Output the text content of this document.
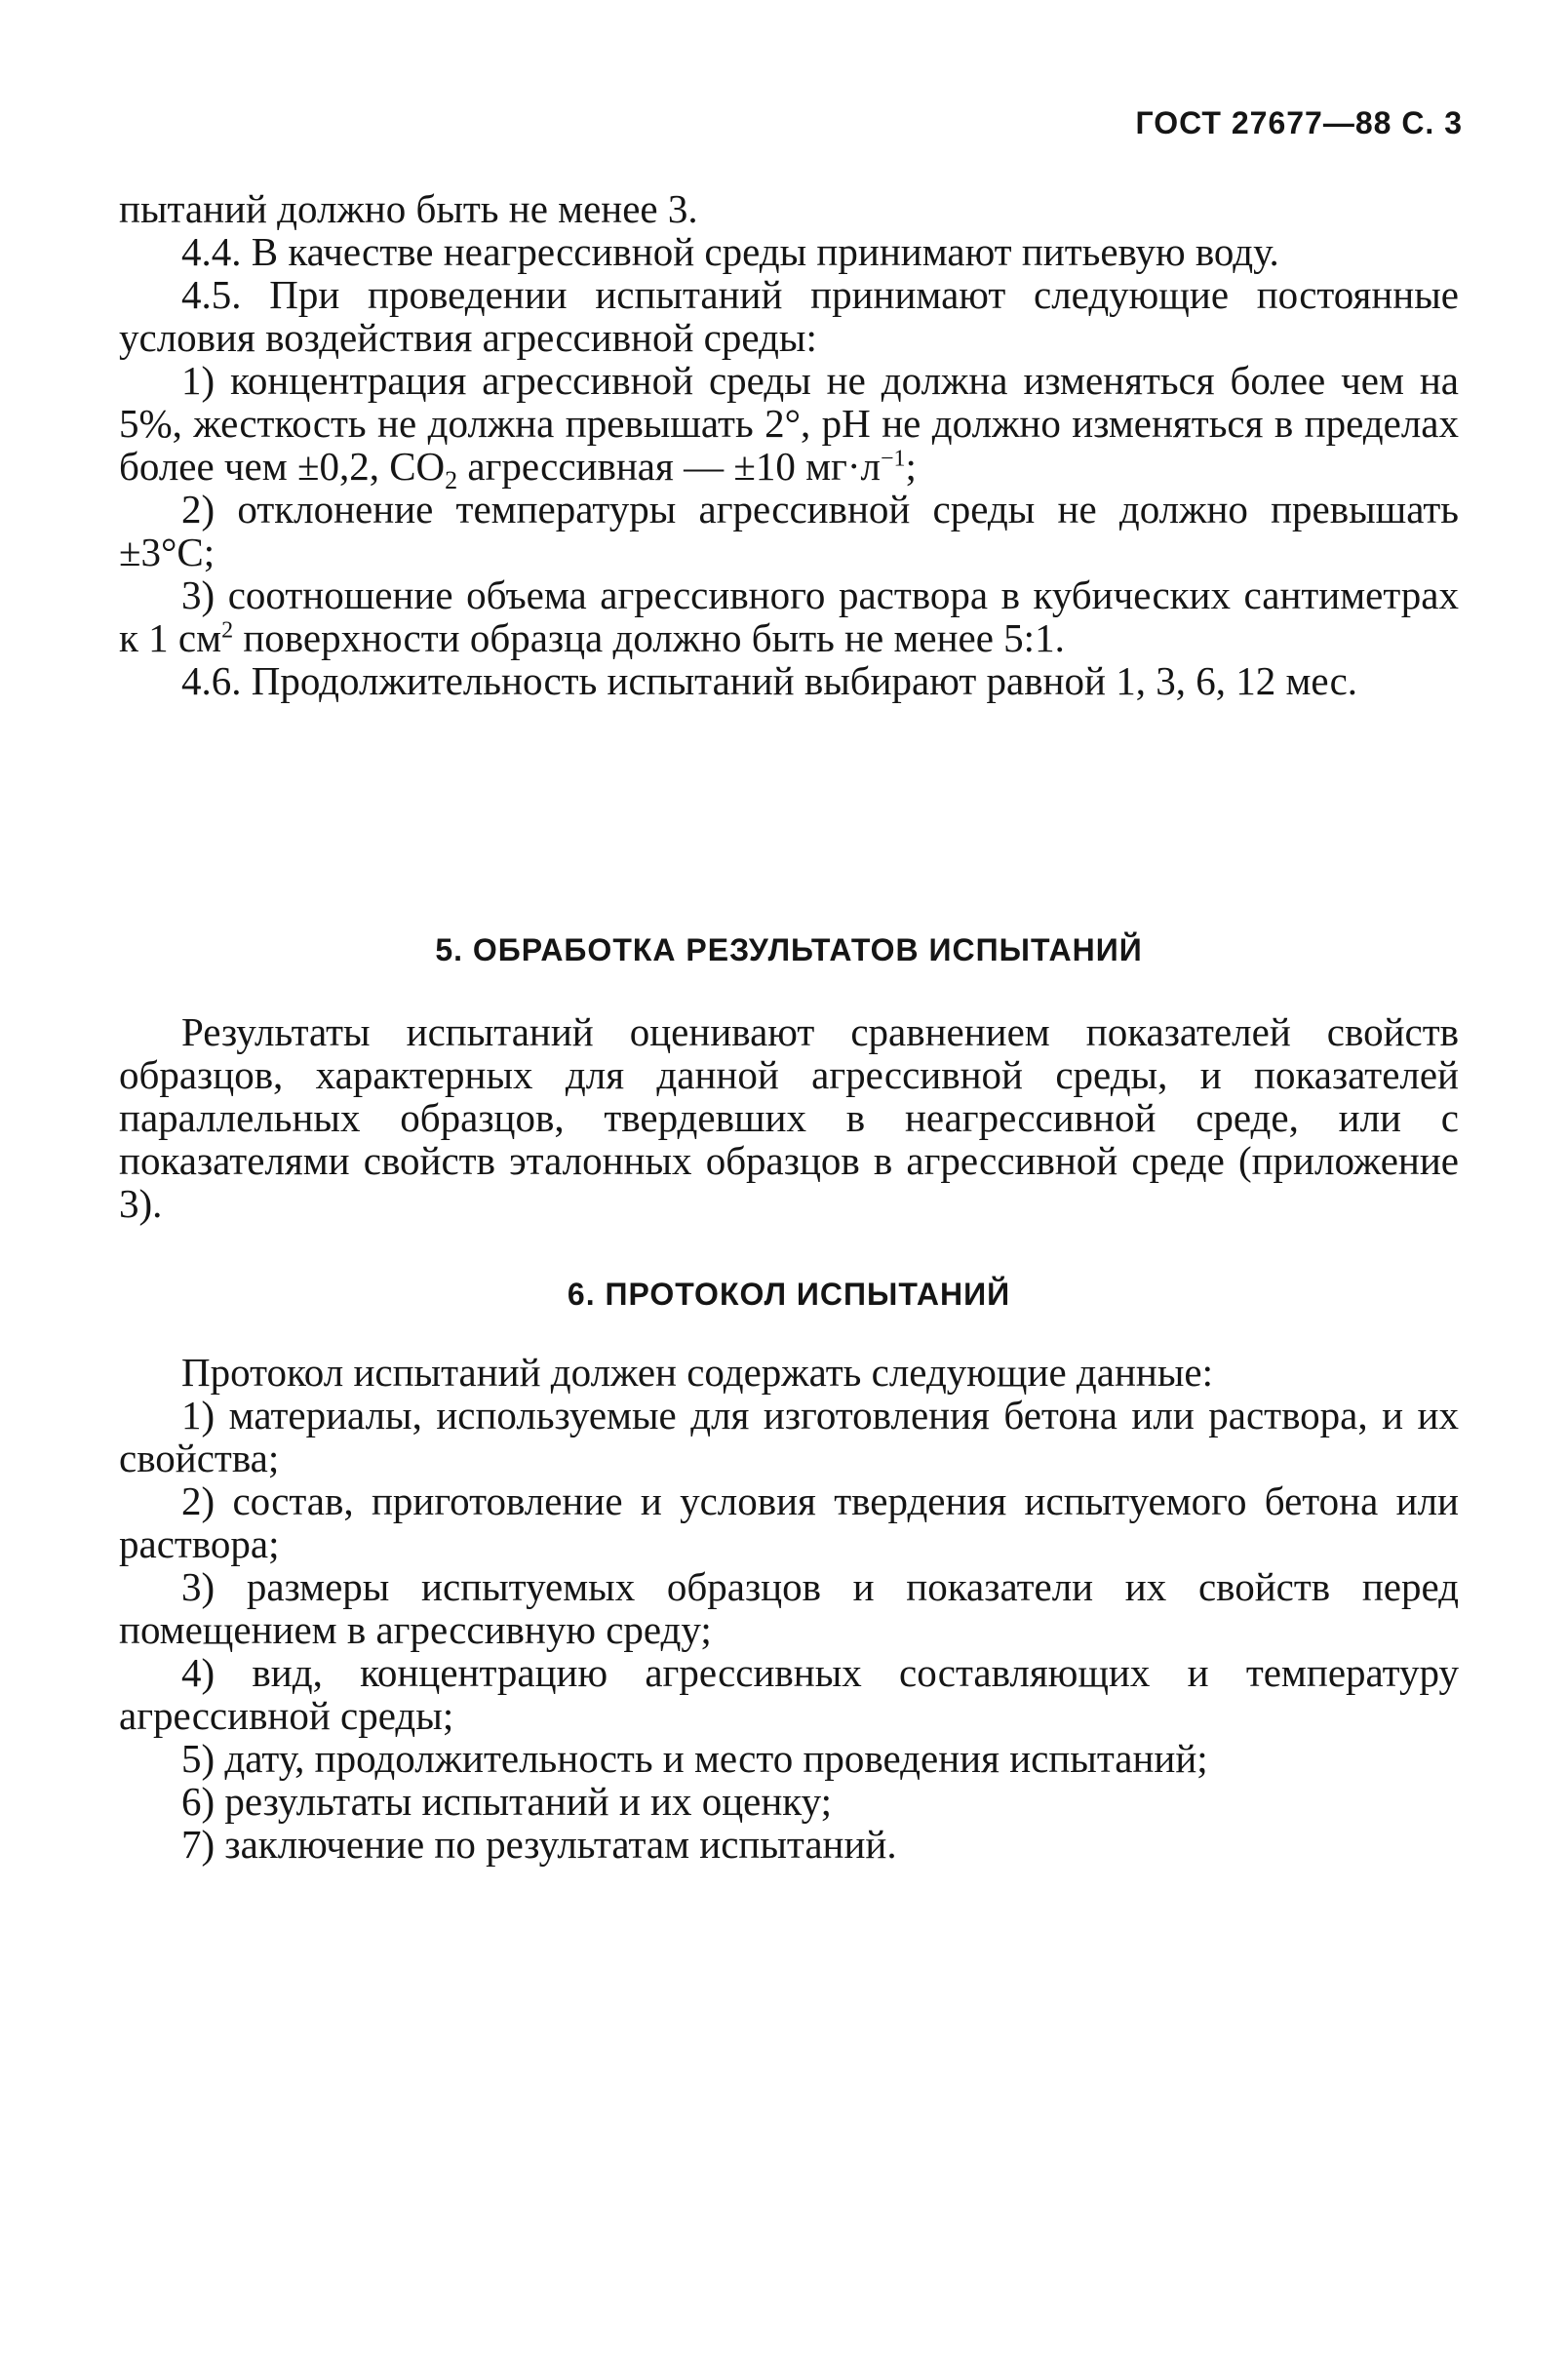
ГОСТ 27677—88 С. 3

пытаний должно быть не менее 3.

4.4. В качестве неагрессивной среды принимают питьевую воду.

4.5. При проведении испытаний принимают следующие постоянные условия воздействия агрессивной среды:

1) концентрация агрессивной среды не должна изменяться более чем на 5%, жесткость не должна превышать 2°, pH не должно изменяться в пределах более чем ±0,2, $CO_2$ агрессивная — ±10 $мг\cdot л^{-1}$;

2) отклонение температуры агрессивной среды не должно превышать ±3°C;

3) соотношение объема агрессивного раствора в кубических сантиметрах к 1 $см^2$ поверхности образца должно быть не менее 5:1.

4.6. Продолжительность испытаний выбирают равной 1, 3, 6, 12 мес.

5. ОБРАБОТКА РЕЗУЛЬТАТОВ ИСПЫТАНИЙ

Результаты испытаний оценивают сравнением показателей свойств образцов, характерных для данной агрессивной среды, и показателей параллельных образцов, твердевших в неагрессивной среде, или с показателями свойств эталонных образцов в агрессивной среде (приложение 3).

6. ПРОТОКОЛ ИСПЫТАНИЙ

Протокол испытаний должен содержать следующие данные:

1) материалы, используемые для изготовления бетона или раствора, и их свойства;

2) состав, приготовление и условия твердения испытуемого бетона или раствора;

3) размеры испытуемых образцов и показатели их свойств перед помещением в агрессивную среду;

4) вид, концентрацию агрессивных составляющих и температуру агрессивной среды;

5) дату, продолжительность и место проведения испытаний;

6) результаты испытаний и их оценку;

7) заключение по результатам испытаний.
